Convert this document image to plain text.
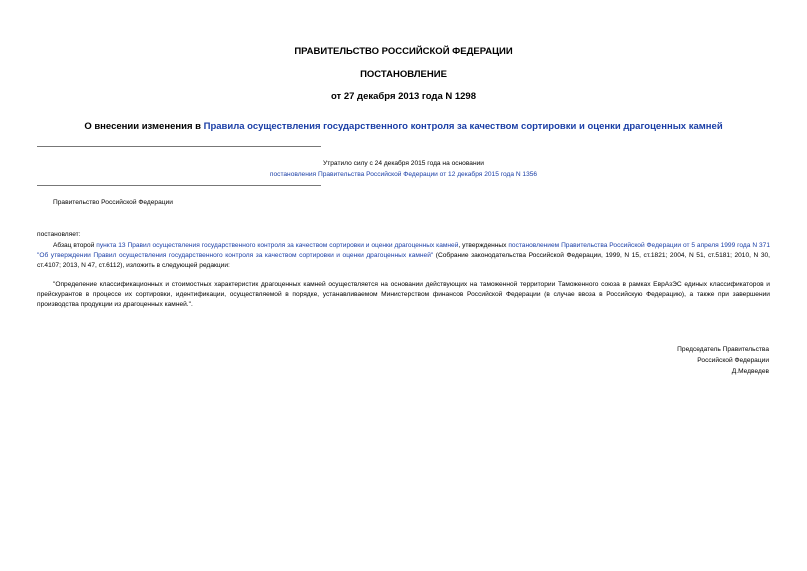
ПРАВИТЕЛЬСТВО РОССИЙСКОЙ ФЕДЕРАЦИИ
ПОСТАНОВЛЕНИЕ
от 27 декабря 2013 года N 1298
О внесении изменения в Правила осуществления государственного контроля за качеством сортировки и оценки драгоценных камней
Утратило силу с 24 декабря 2015 года на основании
постановления Правительства Российской Федерации от 12 декабря 2015 года N 1356
Правительство Российской Федерации
постановляет:
Абзац второй пункта 13 Правил осуществления государственного контроля за качеством сортировки и оценки драгоценных камней, утвержденных постановлением Правительства Российской Федерации от 5 апреля 1999 года N 371 "Об утверждении Правил осуществления государственного контроля за качеством сортировки и оценки драгоценных камней" (Собрание законодательства Российской Федерации, 1999, N 15, ст.1821; 2004, N 51, ст.5181; 2010, N 30, ст.4107; 2013, N 47, ст.6112), изложить в следующей редакции:
"Определение классификационных и стоимостных характеристик драгоценных камней осуществляется на основании действующих на таможенной территории Таможенного союза в рамках ЕврАзЭС единых классификаторов и прейскурантов в процессе их сортировки, идентификации, осуществляемой в порядке, устанавливаемом Министерством финансов Российской Федерации (в случае ввоза в Российскую Федерацию), а также при завершении производства продукции из драгоценных камней.".
Председатель Правительства
Российской Федерации
Д.Медведев
